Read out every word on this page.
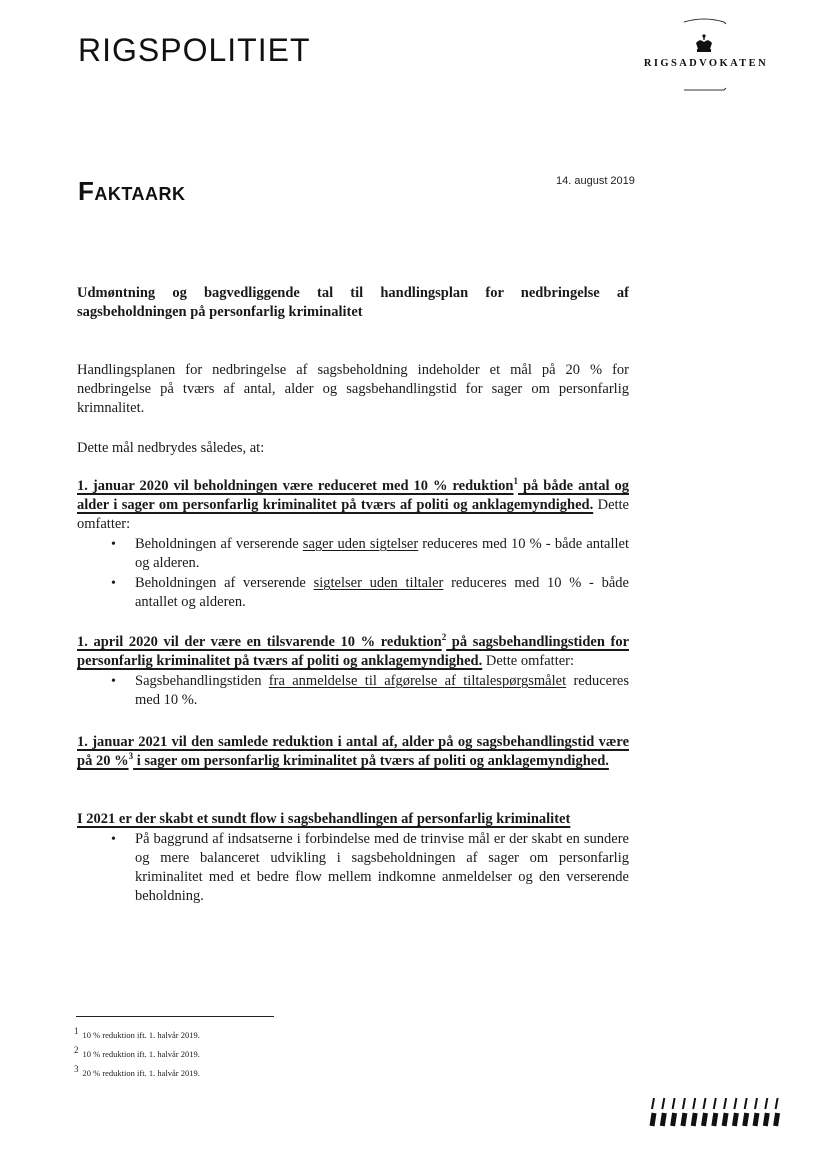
RIGSPOLITIET	RIGSADVOKATEN
Faktaark	14. august 2019
Udmøntning og bagvedliggende tal til handlingsplan for nedbringelse af sagsbeholdningen på personfarlig kriminalitet
Handlingsplanen for nedbringelse af sagsbeholdning indeholder et mål på 20 % for nedbringelse på tværs af antal, alder og sagsbehandlingstid for sager om personfarlig krimnalitet.
Dette mål nedbrydes således, at:
1. januar 2020 vil beholdningen være reduceret med 10 % reduktion$^1$ på både antal og alder i sager om personfarlig kriminalitet på tværs af politi og anklagemyndighed. Dette omfatter:
• Beholdningen af verserende sager uden sigtelser reduceres med 10 % - både antallet og alderen.
• Beholdningen af verserende sigtelser uden tiltaler reduceres med 10 % - både antallet og alderen.
1. april 2020 vil der være en tilsvarende 10 % reduktion$^2$ på sagsbehandlingstiden for personfarlig kriminalitet på tværs af politi og anklagemyndighed. Dette omfatter:
• Sagsbehandlingstiden fra anmeldelse til afgørelse af tiltalespørgsmålet reduceres med 10 %.
1. januar 2021 vil den samlede reduktion i antal af, alder på og sagsbehandlingstid være på 20 %$^3$ i sager om personfarlig kriminalitet på tværs af politi og anklagemyndighed.
I 2021 er der skabt et sundt flow i sagsbehandlingen af personfarlig kriminalitet
• På baggrund af indsatserne i forbindelse med de trinvise mål er der skabt en sundere og mere balanceret udvikling i sagsbeholdningen af sager om personfarlig kriminalitet med et bedre flow mellem indkomne anmeldelser og den verserende beholdning.
1 10 % reduktion ift. 1. halvår 2019.
2 10 % reduktion ift. 1. halvår 2019.
3 20 % reduktion ift. 1. halvår 2019.
